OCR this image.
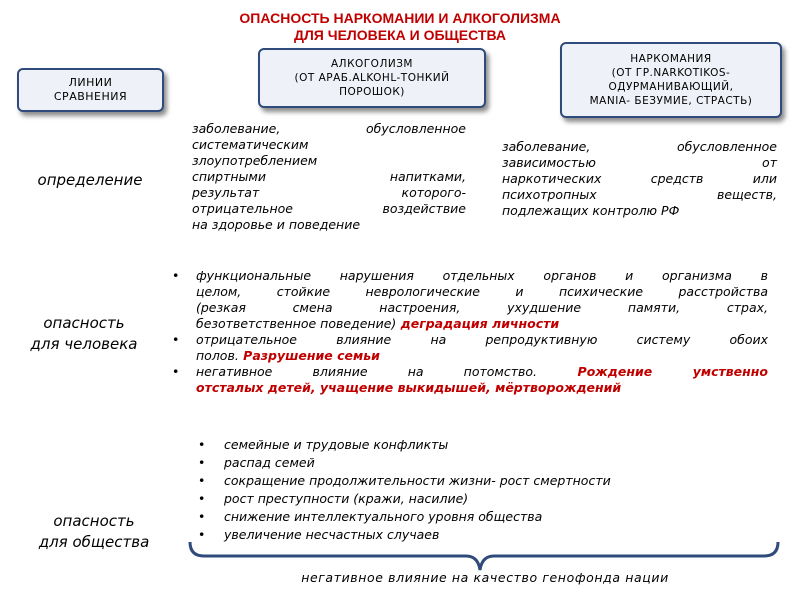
ОПАСНОСТЬ НАРКОМАНИИ И АЛКОГОЛИЗМА
ДЛЯ ЧЕЛОВЕКА И ОБЩЕСТВА
ЛИНИИ
СРАВНЕНИЯ
АЛКОГОЛИЗМ
(ОТ АРАБ.ALKOHL-ТОНКИЙ
ПОРОШОК)
НАРКОМАНИЯ
(ОТ ГР.NARKOTIKOS-
ОДУРМАНИВАЮЩИЙ,
MANIA- БЕЗУМИЕ, СТРАСТЬ)
определение
заболевание, обусловленное
систематическим
злоупотреблением
спиртными напитками,
результат которого-
отрицательное воздействие
на здоровье и поведение
заболевание, обусловленное
зависимостью от
наркотических средств или
психотропных веществ,
подлежащих контролю РФ
опасность
для человека
• функциональные нарушения отдельных органов и организма в
целом, стойкие неврологические и психические расстройства
(резкая смена настроения, ухудшение памяти, страх,
безответственное поведение) деградация личности
• отрицательное влияние на репродуктивную систему обоих
полов. Разрушение семьи
• негативное влияние на потомство. Рождение умственно
отсталых детей, учащение выкидышей, мёртворождений
опасность
для общества
• семейные и трудовые конфликты
• распад семей
• сокращение продолжительности жизни- рост смертности
• рост преступности (кражи, насилие)
• снижение интеллектуального уровня общества
• увеличение несчастных случаев
негативное влияние на качество генофонда нации
